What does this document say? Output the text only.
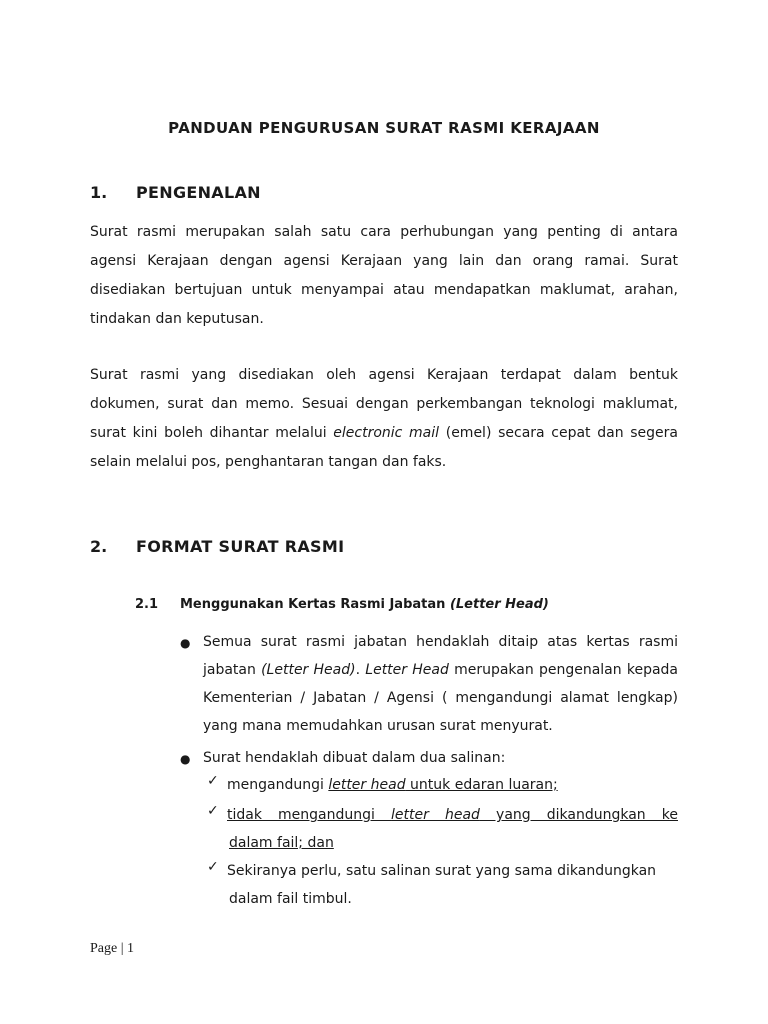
PANDUAN PENGURUSAN SURAT RASMI KERAJAAN
1. PENGENALAN
Surat rasmi merupakan salah satu cara perhubungan yang penting di antara agensi Kerajaan dengan agensi Kerajaan yang lain dan orang ramai. Surat disediakan bertujuan untuk menyampai atau mendapatkan maklumat, arahan, tindakan dan keputusan.
Surat rasmi yang disediakan oleh agensi Kerajaan terdapat dalam bentuk dokumen, surat dan memo. Sesuai dengan perkembangan teknologi maklumat, surat kini boleh dihantar melalui electronic mail (emel) secara cepat dan segera selain melalui pos, penghantaran tangan dan faks.
2. FORMAT SURAT RASMI
2.1 Menggunakan Kertas Rasmi Jabatan (Letter Head)
● Semua surat rasmi jabatan hendaklah ditaip atas kertas rasmi jabatan (Letter Head). Letter Head merupakan pengenalan kepada Kementerian / Jabatan / Agensi ( mengandungi alamat lengkap) yang mana memudahkan urusan surat menyurat.
● Surat hendaklah dibuat dalam dua salinan:
✓ mengandungi letter head untuk edaran luaran;
✓ tidak mengandungi letter head yang dikandungkan ke
dalam fail; dan
✓ Sekiranya perlu, satu salinan surat yang sama dikandungkan
dalam fail timbul.
Page | 1
